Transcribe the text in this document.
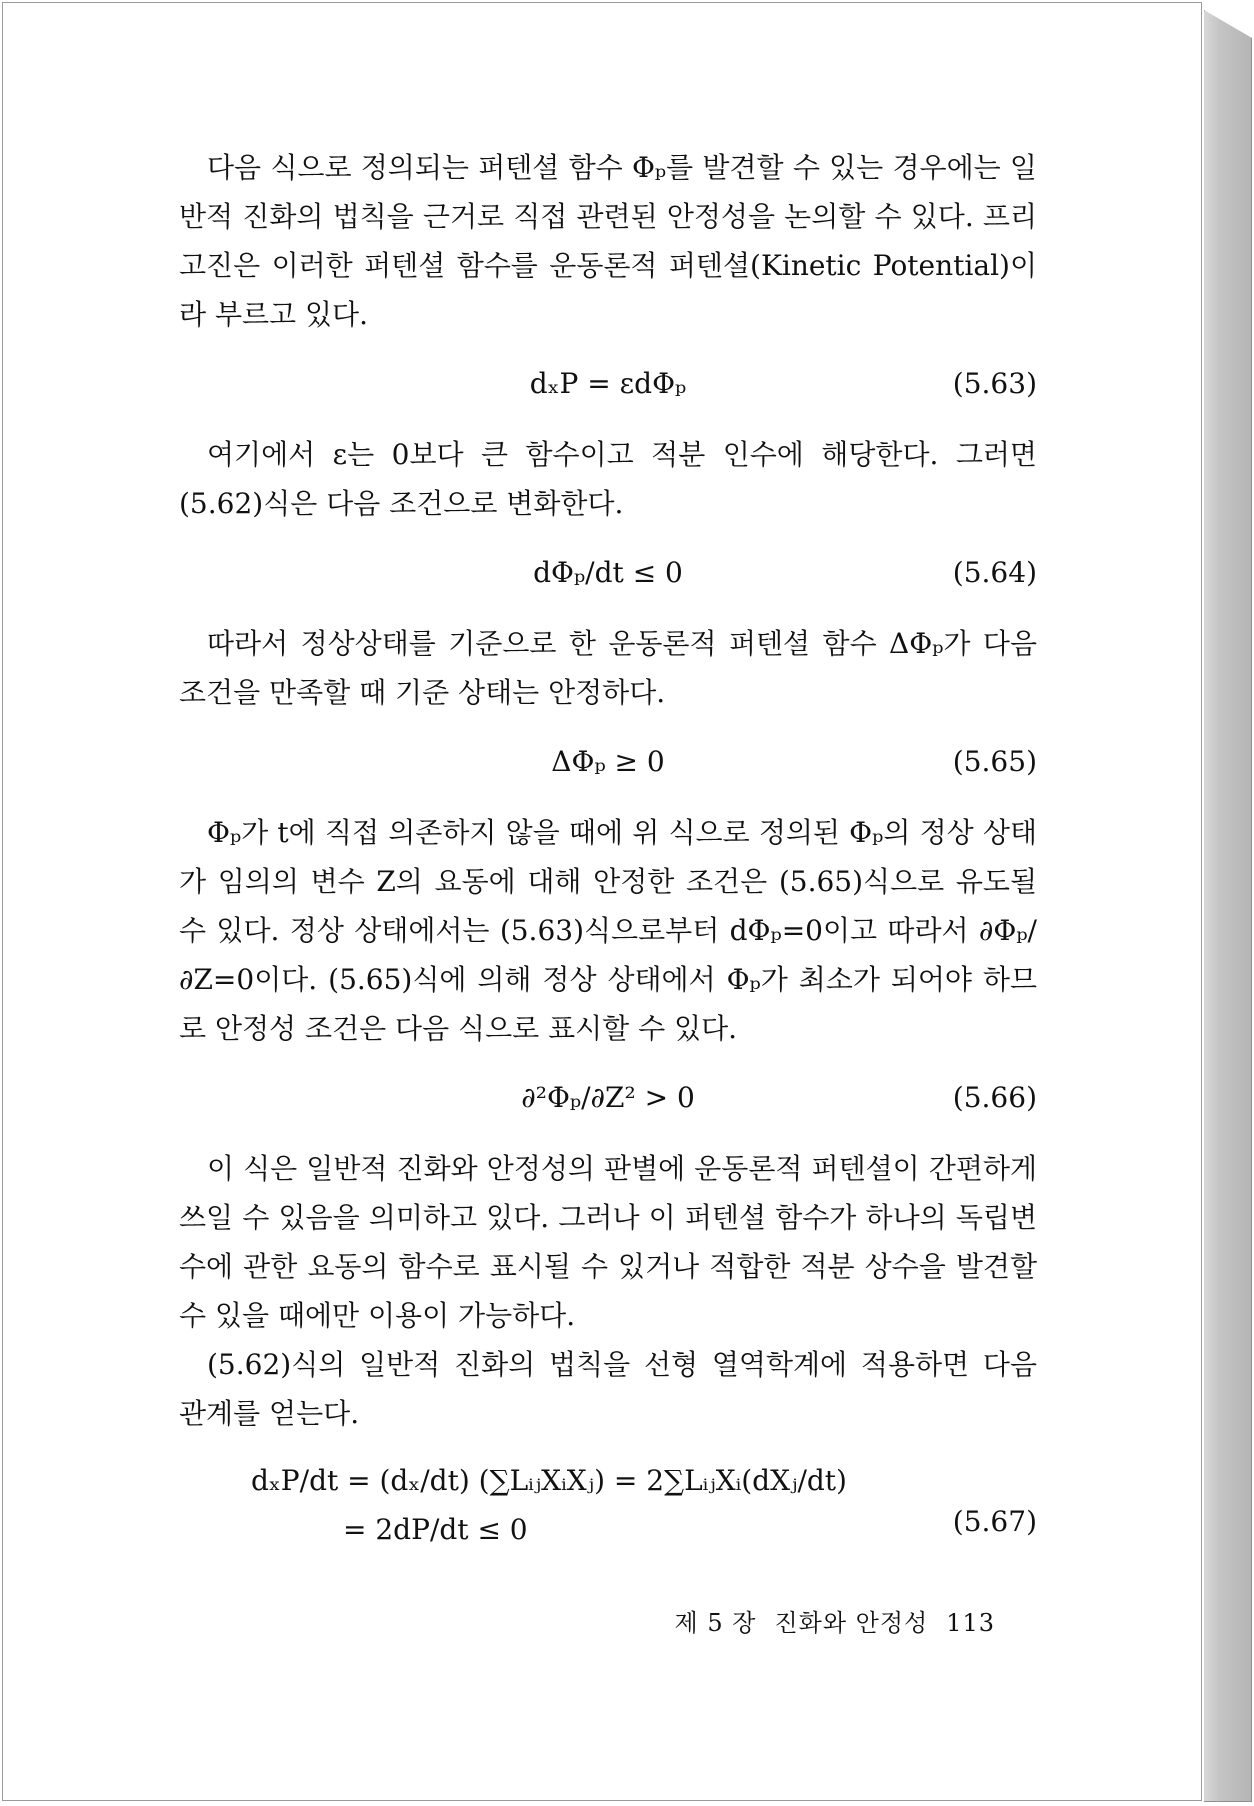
다음 식으로 정의되는 퍼텐셜 함수 Φₚ를 발견할 수 있는 경우에는 일반적 진화의 법칙을 근거로 직접 관련된 안정성을 논의할 수 있다. 프리고진은 이러한 퍼텐셜 함수를 운동론적 퍼텐셜(Kinetic Potential)이라 부르고 있다.

dₓP = εdΦₚ	(5.63)

여기에서 ε는 0보다 큰 함수이고 적분 인수에 해당한다. 그러면 (5.62)식은 다음 조건으로 변화한다.

dΦₚ/dt ≤ 0	(5.64)

따라서 정상상태를 기준으로 한 운동론적 퍼텐셜 함수 ΔΦₚ가 다음 조건을 만족할 때 기준 상태는 안정하다.

ΔΦₚ ≥ 0	(5.65)

Φₚ가 t에 직접 의존하지 않을 때에 위 식으로 정의된 Φₚ의 정상 상태가 임의의 변수 Z의 요동에 대해 안정한 조건은 (5.65)식으로 유도될 수 있다. 정상 상태에서는 (5.63)식으로부터 dΦₚ=0이고 따라서 ∂Φₚ/∂Z=0이다. (5.65)식에 의해 정상 상태에서 Φₚ가 최소가 되어야 하므로 안정성 조건은 다음 식으로 표시할 수 있다.

∂²Φₚ/∂Z² > 0	(5.66)

이 식은 일반적 진화와 안정성의 판별에 운동론적 퍼텐셜이 간편하게 쓰일 수 있음을 의미하고 있다. 그러나 이 퍼텐셜 함수가 하나의 독립변수에 관한 요동의 함수로 표시될 수 있거나 적합한 적분 상수을 발견할 수 있을 때에만 이용이 가능하다.

(5.62)식의 일반적 진화의 법칙을 선형 열역학계에 적용하면 다음 관계를 얻는다.

dₓP/dt = (dₓ/dt) (∑LᵢⱼXᵢXⱼ) = 2∑LᵢⱼXᵢ(dXⱼ/dt)
= 2dP/dt ≤ 0	(5.67)
제 5 장 진화와 안정성 113
